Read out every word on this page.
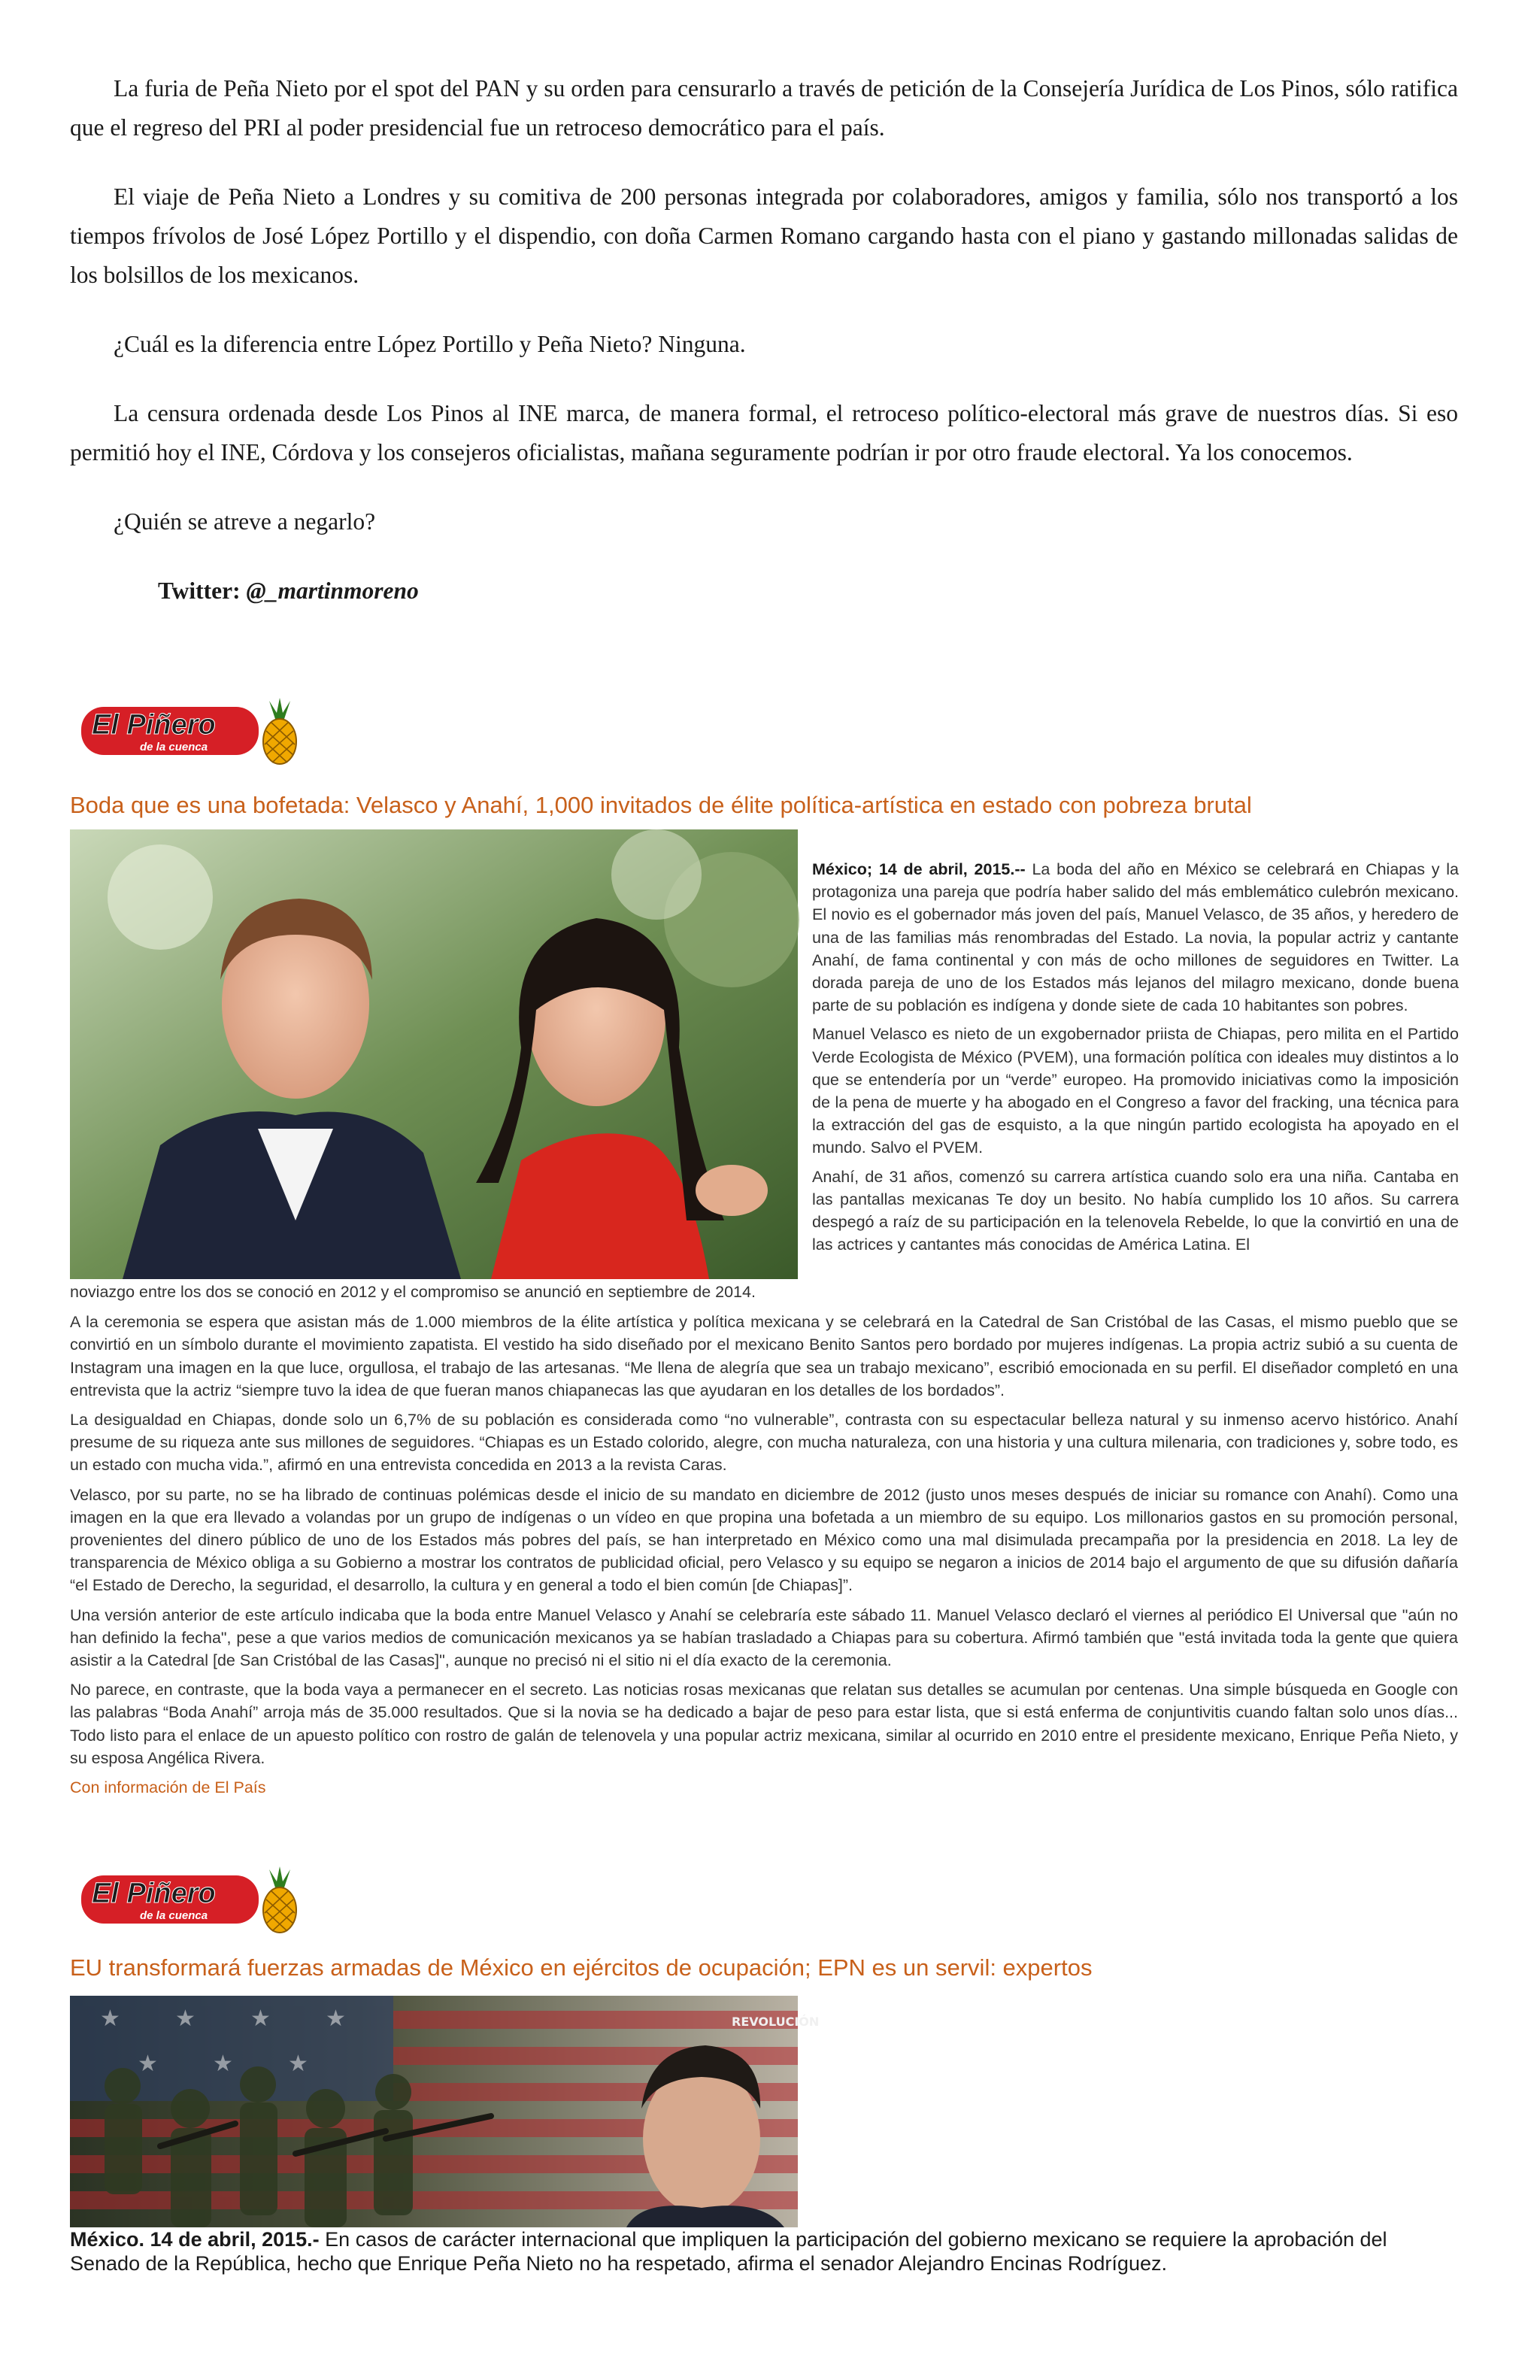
La furia de Peña Nieto por el spot del PAN y su orden para censurarlo a través de petición de la Consejería Jurídica de Los Pinos, sólo ratifica que el regreso del PRI al poder presidencial fue un retroceso democrático para el país.

El viaje de Peña Nieto a Londres y su comitiva de 200 personas integrada por colaboradores, amigos y familia, sólo nos transportó a los tiempos frívolos de José López Portillo y el dispendio, con doña Carmen Romano cargando hasta con el piano y gastando millonadas salidas de los bolsillos de los mexicanos.

¿Cuál es la diferencia entre López Portillo y Peña Nieto? Ninguna.

La censura ordenada desde Los Pinos al INE marca, de manera formal, el retroceso político-electoral más grave de nuestros días. Si eso permitió hoy el INE, Córdova y los consejeros oficialistas, mañana seguramente podrían ir por otro fraude electoral. Ya los conocemos.

¿Quién se atreve a negarlo?

Twitter: @_martinmoreno

El Piñero
de la cuenca
Boda que es una bofetada: Velasco y Anahí, 1,000 invitados de élite política-artística en estado con pobreza brutal

México; 14 de abril, 2015.-- La boda del año en México se celebrará en Chiapas y la protagoniza una pareja que podría haber salido del más emblemático culebrón mexicano. El novio es el gobernador más joven del país, Manuel Velasco, de 35 años, y heredero de una de las familias más renombradas del Estado. La novia, la popular actriz y cantante Anahí, de fama continental y con más de ocho millones de seguidores en Twitter. La dorada pareja de uno de los Estados más lejanos del milagro mexicano, donde buena parte de su población es indígena y donde siete de cada 10 habitantes son pobres.

Manuel Velasco es nieto de un exgobernador priista de Chiapas, pero milita en el Partido Verde Ecologista de México (PVEM), una formación política con ideales muy distintos a lo que se entendería por un “verde” europeo. Ha promovido iniciativas como la imposición de la pena de muerte y ha abogado en el Congreso a favor del fracking, una técnica para la extracción del gas de esquisto, a la que ningún partido ecologista ha apoyado en el mundo. Salvo el PVEM.

Anahí, de 31 años, comenzó su carrera artística cuando solo era una niña. Cantaba en las pantallas mexicanas Te doy un besito. No había cumplido los 10 años. Su carrera despegó a raíz de su participación en la telenovela Rebelde, lo que la convirtió en una de las actrices y cantantes más conocidas de América Latina. El

noviazgo entre los dos se conoció en 2012 y el compromiso se anunció en septiembre de 2014.

A la ceremonia se espera que asistan más de 1.000 miembros de la élite artística y política mexicana y se celebrará en la Catedral de San Cristóbal de las Casas, el mismo pueblo que se convirtió en un símbolo durante el movimiento zapatista. El vestido ha sido diseñado por el mexicano Benito Santos pero bordado por mujeres indígenas. La propia actriz subió a su cuenta de Instagram una imagen en la que luce, orgullosa, el trabajo de las artesanas. “Me llena de alegría que sea un trabajo mexicano”, escribió emocionada en su perfil. El diseñador completó en una entrevista que la actriz “siempre tuvo la idea de que fueran manos chiapanecas las que ayudaran en los detalles de los bordados”.

La desigualdad en Chiapas, donde solo un 6,7% de su población es considerada como “no vulnerable”, contrasta con su espectacular belleza natural y su inmenso acervo histórico. Anahí presume de su riqueza ante sus millones de seguidores. “Chiapas es un Estado colorido, alegre, con mucha naturaleza, con una historia y una cultura milenaria, con tradiciones y, sobre todo, es un estado con mucha vida.”, afirmó en una entrevista concedida en 2013 a la revista Caras.

Velasco, por su parte, no se ha librado de continuas polémicas desde el inicio de su mandato en diciembre de 2012 (justo unos meses después de iniciar su romance con Anahí). Como una imagen en la que era llevado a volandas por un grupo de indígenas o un vídeo en que propina una bofetada a un miembro de su equipo. Los millonarios gastos en su promoción personal, provenientes del dinero público de uno de los Estados más pobres del país, se han interpretado en México como una mal disimulada precampaña por la presidencia en 2018. La ley de transparencia de México obliga a su Gobierno a mostrar los contratos de publicidad oficial, pero Velasco y su equipo se negaron a inicios de 2014 bajo el argumento de que su difusión dañaría “el Estado de Derecho, la seguridad, el desarrollo, la cultura y en general a todo el bien común [de Chiapas]”.

Una versión anterior de este artículo indicaba que la boda entre Manuel Velasco y Anahí se celebraría este sábado 11. Manuel Velasco declaró el viernes al periódico El Universal que "aún no han definido la fecha", pese a que varios medios de comunicación mexicanos ya se habían trasladado a Chiapas para su cobertura. Afirmó también que "está invitada toda la gente que quiera asistir a la Catedral [de San Cristóbal de las Casas]", aunque no precisó ni el sitio ni el día exacto de la ceremonia.

No parece, en contraste, que la boda vaya a permanecer en el secreto. Las noticias rosas mexicanas que relatan sus detalles se acumulan por centenas. Una simple búsqueda en Google con las palabras “Boda Anahí” arroja más de 35.000 resultados. Que si la novia se ha dedicado a bajar de peso para estar lista, que si está enferma de conjuntivitis cuando faltan solo unos días... Todo listo para el enlace de un apuesto político con rostro de galán de telenovela y una popular actriz mexicana, similar al ocurrido en 2010 entre el presidente mexicano, Enrique Peña Nieto, y su esposa Angélica Rivera.

Con información de El País

El Piñero
de la cuenca
EU transformará fuerzas armadas de México en ejércitos de ocupación; EPN es un servil: expertos
★ ★ ★ ★
★ ★ ★
REVOLUCIÓN
México. 14 de abril, 2015.- En casos de carácter internacional que impliquen la participación del gobierno mexicano se requiere la aprobación del Senado de la República, hecho que Enrique Peña Nieto no ha respetado, afirma el senador Alejandro Encinas Rodríguez.
